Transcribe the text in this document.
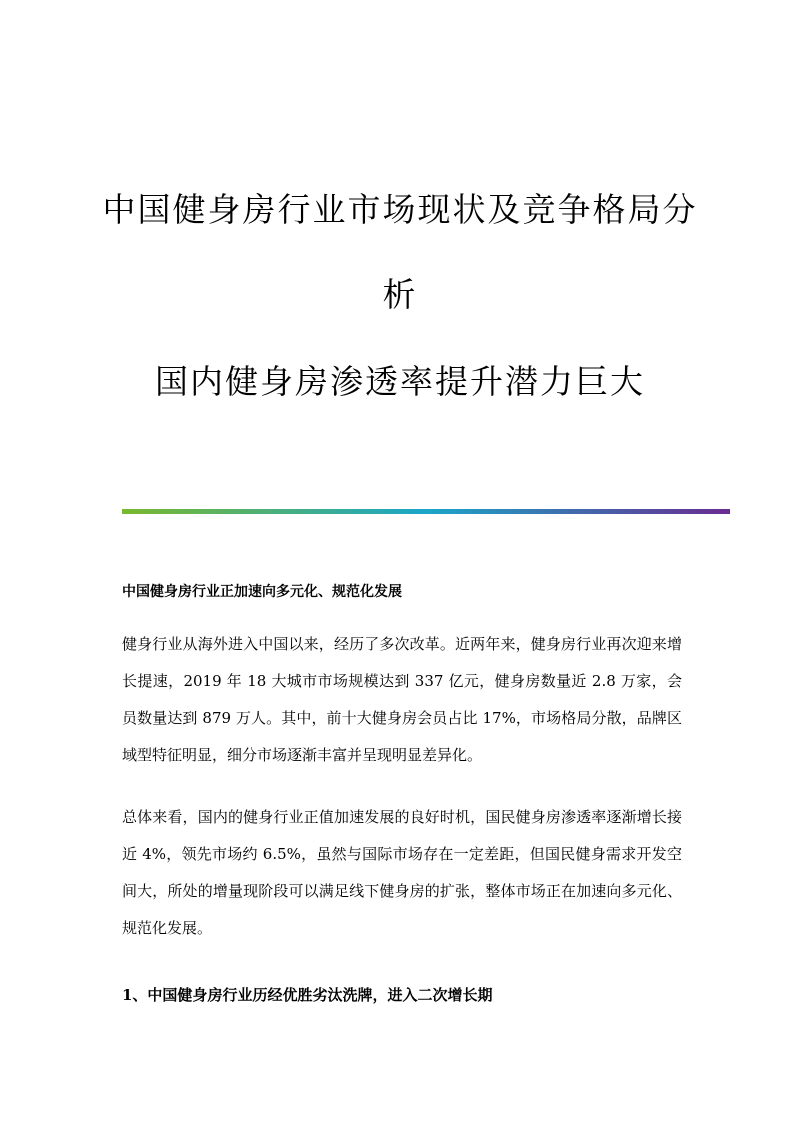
中国健身房行业市场现状及竞争格局分
析
国内健身房渗透率提升潜力巨大
中国健身房行业正加速向多元化、规范化发展
健身行业从海外进入中国以来，经历了多次改革。近两年来，健身房行业再次迎来增长提速，2019 年 18 大城市市场规模达到 337 亿元，健身房数量近 2.8 万家，会员数量达到 879 万人。其中，前十大健身房会员占比 17%，市场格局分散，品牌区域型特征明显，细分市场逐渐丰富并呈现明显差异化。
总体来看，国内的健身行业正值加速发展的良好时机，国民健身房渗透率逐渐增长接近 4%，领先市场约 6.5%，虽然与国际市场存在一定差距，但国民健身需求开发空间大，所处的增量现阶段可以满足线下健身房的扩张，整体市场正在加速向多元化、规范化发展。
1、中国健身房行业历经优胜劣汰洗牌，进入二次增长期
